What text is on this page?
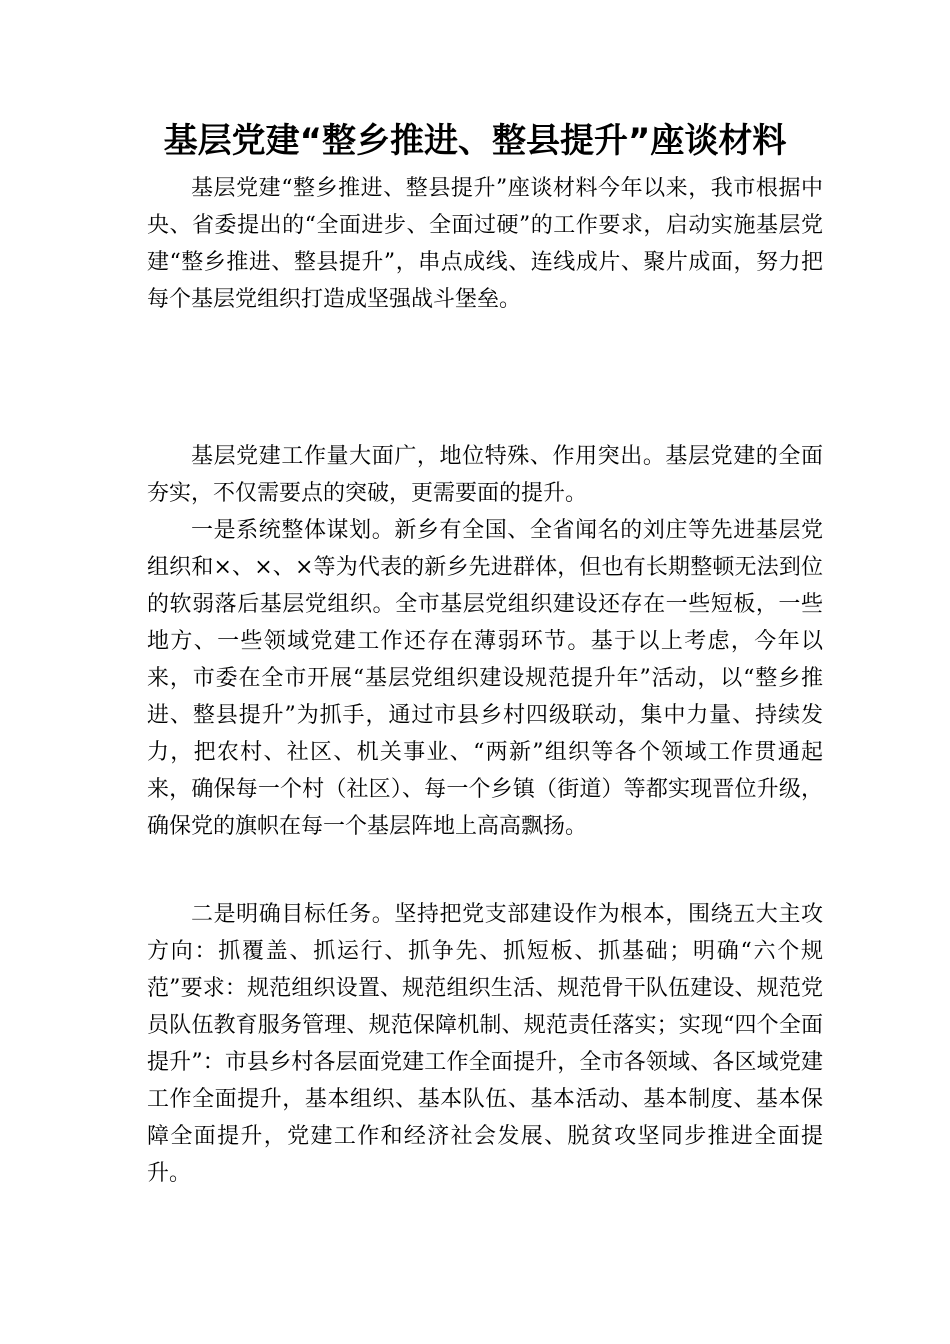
基层党建“整乡推进、整县提升”座谈材料

基层党建“整乡推进、整县提升”座谈材料今年以来，我市根据中央、省委提出的“全面进步、全面过硬”的工作要求，启动实施基层党建“整乡推进、整县提升”，串点成线、连线成片、聚片成面，努力把每个基层党组织打造成坚强战斗堡垒。

基层党建工作量大面广，地位特殊、作用突出。基层党建的全面夯实，不仅需要点的突破，更需要面的提升。

一是系统整体谋划。新乡有全国、全省闻名的刘庄等先进基层党组织和×、×、×等为代表的新乡先进群体，但也有长期整顿无法到位的软弱落后基层党组织。全市基层党组织建设还存在一些短板，一些地方、一些领域党建工作还存在薄弱环节。基于以上考虑，今年以来，市委在全市开展“基层党组织建设规范提升年”活动，以“整乡推进、整县提升”为抓手，通过市县乡村四级联动，集中力量、持续发力，把农村、社区、机关事业、“两新”组织等各个领域工作贯通起来，确保每一个村（社区）、每一个乡镇（街道）等都实现晋位升级，确保党的旗帜在每一个基层阵地上高高飘扬。

二是明确目标任务。坚持把党支部建设作为根本，围绕五大主攻方向：抓覆盖、抓运行、抓争先、抓短板、抓基础；明确“六个规范”要求：规范组织设置、规范组织生活、规范骨干队伍建设、规范党员队伍教育服务管理、规范保障机制、规范责任落实；实现“四个全面提升”：市县乡村各层面党建工作全面提升，全市各领域、各区域党建工作全面提升，基本组织、基本队伍、基本活动、基本制度、基本保障全面提升，党建工作和经济社会发展、脱贫攻坚同步推进全面提升。
